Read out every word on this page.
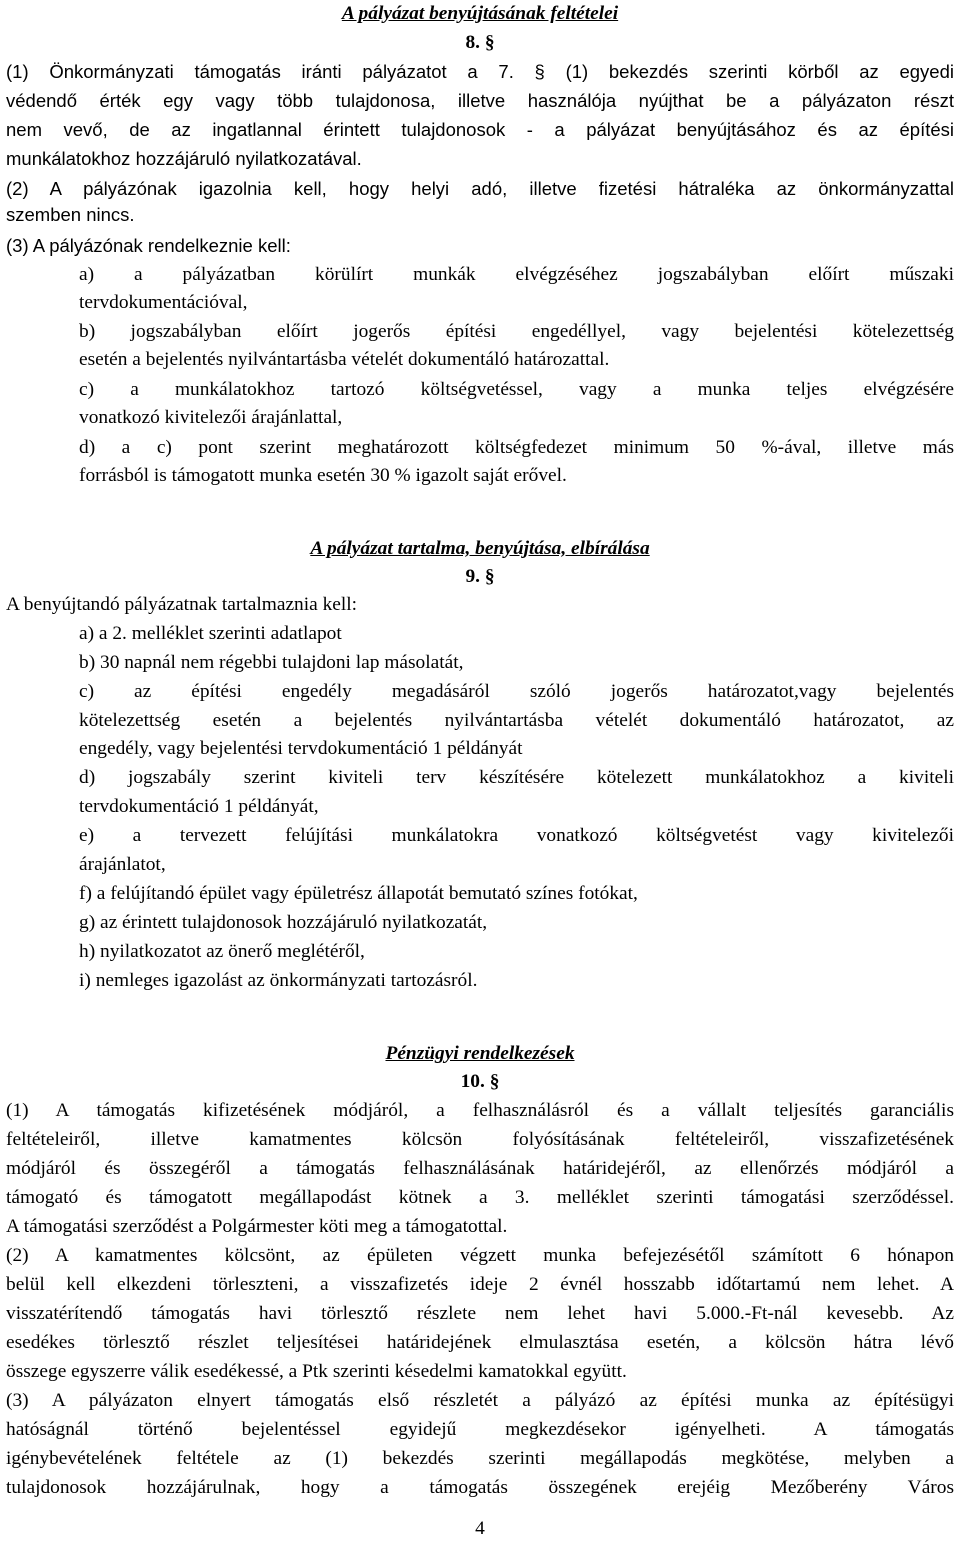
A pályázat benyújtásának feltételei
8. §
(1) Önkormányzati támogatás iránti pályázatot a 7. § (1) bekezdés szerinti körből az egyedi
védendő érték egy vagy több tulajdonosa, illetve használója nyújthat be a pályázaton részt
nem vevő, de az ingatlannal érintett tulajdonosok - a pályázat benyújtásához és az építési
munkálatokhoz hozzájáruló nyilatkozatával.
(2) A pályázónak igazolnia kell, hogy helyi adó, illetve fizetési hátraléka az önkormányzattal
szemben nincs.
(3) A pályázónak rendelkeznie kell:
a) a pályázatban körülírt munkák elvégzéséhez jogszabályban előírt műszaki
tervdokumentációval,
b) jogszabályban előírt jogerős építési engedéllyel, vagy bejelentési kötelezettség
esetén a bejelentés nyilvántartásba vételét dokumentáló határozattal.
c) a munkálatokhoz tartozó költségvetéssel, vagy a munka teljes elvégzésére
vonatkozó kivitelezői árajánlattal,
d) a c) pont szerint meghatározott költségfedezet minimum 50 %-ával, illetve más
forrásból is támogatott munka esetén 30 % igazolt saját erővel.
A pályázat tartalma, benyújtása, elbírálása
9. §
A benyújtandó pályázatnak tartalmaznia kell:
a) a 2. melléklet szerinti adatlapot
b) 30 napnál nem régebbi tulajdoni lap másolatát,
c) az építési engedély megadásáról szóló jogerős határozatot,vagy bejelentés
kötelezettség esetén a bejelentés nyilvántartásba vételét dokumentáló határozatot, az
engedély, vagy bejelentési tervdokumentáció 1 példányát
d) jogszabály szerint kiviteli terv készítésére kötelezett munkálatokhoz a kiviteli
tervdokumentáció 1 példányát,
e) a tervezett felújítási munkálatokra vonatkozó költségvetést vagy kivitelezői
árajánlatot,
f) a felújítandó épület vagy épületrész állapotát bemutató színes fotókat,
g) az érintett tulajdonosok hozzájáruló nyilatkozatát,
h) nyilatkozatot az önerő meglétéről,
i) nemleges igazolást az önkormányzati tartozásról.
Pénzügyi rendelkezések
10. §
(1) A támogatás kifizetésének módjáról, a felhasználásról és a vállalt teljesítés garanciális
feltételeiről, illetve kamatmentes kölcsön folyósításának feltételeiről, visszafizetésének
módjáról és összegéről a támogatás felhasználásának határidejéről, az ellenőrzés módjáról a
támogató és támogatott megállapodást kötnek a 3. melléklet szerinti támogatási szerződéssel.
A támogatási szerződést a Polgármester köti meg a támogatottal.
(2) A kamatmentes kölcsönt, az épületen végzett munka befejezésétől számított 6 hónapon
belül kell elkezdeni törleszteni, a visszafizetés ideje 2 évnél hosszabb időtartamú nem lehet. A
visszatérítendő támogatás havi törlesztő részlete nem lehet havi 5.000.-Ft-nál kevesebb. Az
esedékes törlesztő részlet teljesítései határidejének elmulasztása esetén, a kölcsön hátra lévő
összege egyszerre válik esedékessé, a Ptk szerinti késedelmi kamatokkal együtt.
(3) A pályázaton elnyert támogatás első részletét a pályázó az építési munka az építésügyi
hatóságnál történő bejelentéssel egyidejű megkezdésekor igényelheti. A támogatás
igénybevételének feltétele az (1) bekezdés szerinti megállapodás megkötése, melyben a
tulajdonosok hozzájárulnak, hogy a támogatás összegének erejéig Mezőberény Város
4
